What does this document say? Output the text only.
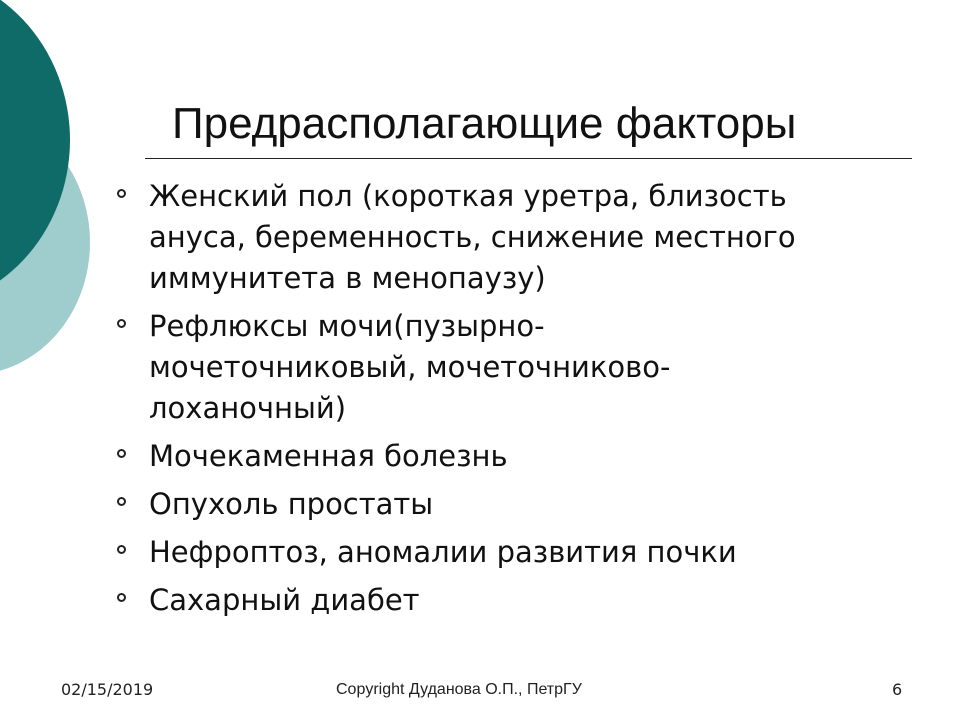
Предрасполагающие факторы
Женский пол (короткая уретра, близость
ануса, беременность, снижение местного
иммунитета в менопаузу)
Рефлюксы мочи(пузырно-
мочеточниковый, мочеточниково-
лоханочный)
Мочекаменная болезнь
Опухоль простаты
Нефроптоз, аномалии развития почки
Сахарный диабет
02/15/2019	Copyright Дуданова О.П., ПетрГУ	6
